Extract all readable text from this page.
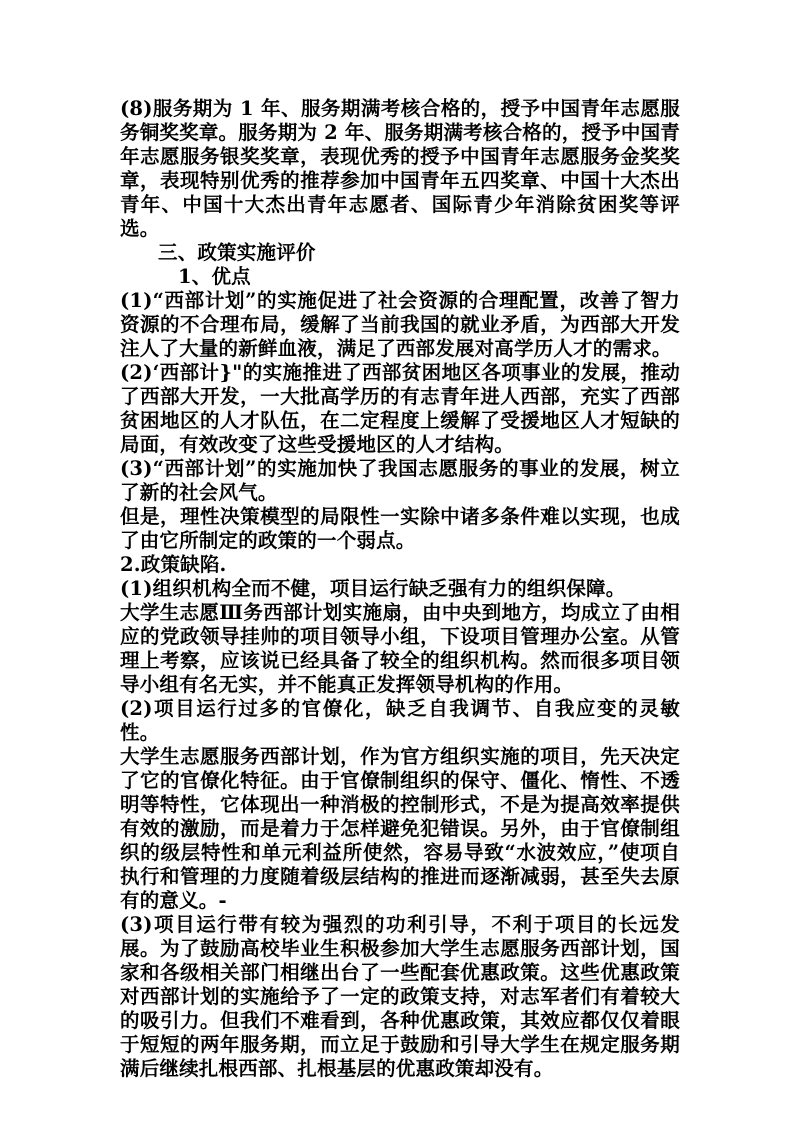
(8)服务期为 1 年、服务期满考核合格的，授予中国青年志愿服务铜奖奖章。服务期为 2 年、服务期满考核合格的，授予中国青年志愿服务银奖奖章，表现优秀的授予中国青年志愿服务金奖奖章，表现特别优秀的推荐参加中国青年五四奖章、中国十大杰出青年、中国十大杰出青年志愿者、国际青少年消除贫困奖等评选。

三、政策实施评价

1、优点

(1)“西部计划”的实施促进了社会资源的合理配置，改善了智力资源的不合理布局，缓解了当前我国的就业矛盾，为西部大开发注人了大量的新鲜血液，满足了西部发展对高学历人才的需求。

(2)‘西部计}"的实施推进了西部贫困地区各项事业的发展，推动了西部大开发，一大批高学历的有志青年进人西部，充实了西部贫困地区的人才队伍，在二定程度上缓解了受援地区人才短缺的局面，有效改变了这些受援地区的人才结构。

(3)“西部计划”的实施加快了我国志愿服务的事业的发展，树立了新的社会风气。

但是，理性决策模型的局限性一实除中诸多条件难以实现，也成了由它所制定的政策的一个弱点。

2.政策缺陷.

(1)组织机构全而不健，项目运行缺乏强有力的组织保障。

大学生志愿Ⅲ务西部计划实施扇，由中央到地方，均成立了由相应的党政领导挂帅的项目领导小组，下设项目管理办公室。从管理上考察，应该说已经具备了较全的组织机构。然而很多项目领导小组有名无实，并不能真正发挥领导机构的作用。

(2)项目运行过多的官僚化，缺乏自我调节、自我应变的灵敏性。

大学生志愿服务西部计划，作为官方组织实施的项目，先天决定了它的官僚化特征。由于官僚制组织的保守、僵化、惰性、不透明等特性，它体现出一种消极的控制形式，不是为提高效率提供有效的激励，而是着力于怎样避免犯错误。另外，由于官僚制组织的级层特性和单元利益所使然，容易导致“水波效应，”使项自执行和管理的力度随着级层结构的推进而逐渐减弱，甚至失去原有的意义。-

(3)项目运行带有较为强烈的功利引导，不利于项目的长远发展。为了鼓励高校毕业生积极参加大学生志愿服务西部计划，国家和各级相关部门相继出台了一些配套优惠政策。这些优惠政策对西部计划的实施给予了一定的政策支持，对志军者们有着较大的吸引力。但我们不难看到，各种优惠政策，其效应都仅仅着眼于短短的两年服务期，而立足于鼓励和引导大学生在规定服务期满后继续扎根西部、扎根基层的优惠政策却没有。
